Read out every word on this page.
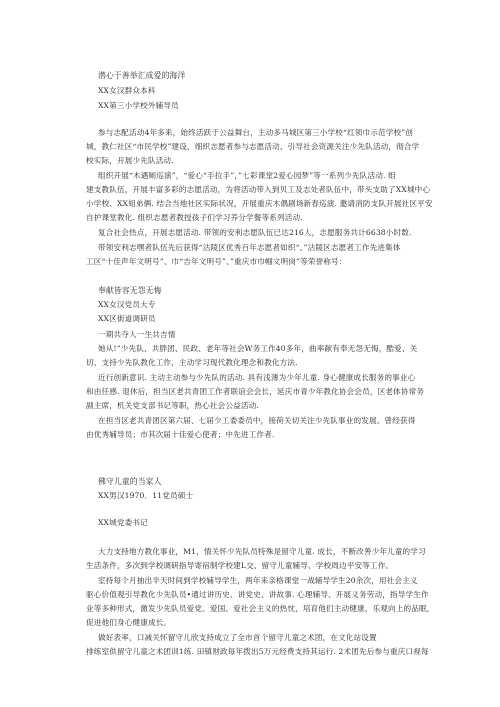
潜心于善举汇成爱的海洋
XX女汉群众本科
XX第三小学校外辅导员
参与志配活动4年多来，始终活跃于公益舞台，主动多马城区第三小学校“红领巾示范学校”创
城，教仁社区“市民学校”建设，细织志愿者参与志愿活动、引导社会资源关注少先队活动，彻合学
校实际，开展少先队活动.
组织开展“木遇厕巡演”，“爱心“手拉手”，”七彩课堂2爱心园梦”等一系列少先队活动. 组
建支教队伍，开展丰富多彩的志愿活动，为将活动带入到贝工及志处者队伍中，带头支助了XX城中心
小学校、XX姐弟俩. 结合当地社区实际状况，开展重庆木偶剧场新春巡演. 邀请消防支队开展社区平安
自护课堂教化. 组织志愿者教授孩子们学习养分学餐等系列活动.
复合社会热点，开展志愿活动. 带领的安利志愿队伍已达216人，志愿服务共计6638小时数.
带领安利志嘿者队伍先后获得“沽陵区优秀百年志愿者如织“、”沽陵区志愿者工作先进集体
工区“十佳声年文明号”、巾“吉年文明号”、”重庆市巾帼文明岗”等荣誉称号：
奉献皆容无怨无悔
XX女汉党员大专
XX区街道调研员
一期共夺人一生共吉情
她从!”少先队、共胖团、民政、老年等社会W务工作40多年，曲率献有奉无怨无悔，酷爱、关
切、支持少先队教化工作，主动学习现代教化理念和教化方法.
近行创新意识. 主动主动参与少先队的活动. 具有浅薄为少年儿童. 身心健康成长服务的事业心
和由任感. 退休后，担当区老共青团工作者联谊会会长，延庆市青少年教化协会会员，区老体协常务
副主席，机关党支部书记等职，热心社会公益活动.
在担当区老共青团区第六届、七届少工委委员中，接荷关切关注少先队事业的发展。曾经获得
由优秀辅导员；市其次届十佳爱心使者；中先进工作者.
佛守儿童的当家人
XX男汉1970．11党员硕士
XX城党委书记
大力支持地方教化事业，M1，情关怀少先队员特殊是留守儿童. 成长，不断改善少年儿童的学习
生活条件，多次到学校调研指导寄宿制学校建L交、留守儿童辅导、学校周边平安等工作。
室持每个月抽出半天时间到学校辅导学生，两年来亲格课堂一战辅导学生20余次，用社会主义
驱心价值观引导教化少先队员•通过讲历史、讲党史、讲故事. 心理辅导、开展义务劳动，指导学生作
业等多种形式，激发少先队员爱党、爱国、爱社会主义的热忱，培育他们主动健康、乐观向上的品眠，
促进他们身心健康成长。
做好表率，口减关怀留守儿欣支持成立了全市首个留守儿童之术团，在文化站设置
排练室供留守儿童之术团训1练. 田镇财政每年拨出5万元经费支持其运行. 2术团先后参与重庆口视每
